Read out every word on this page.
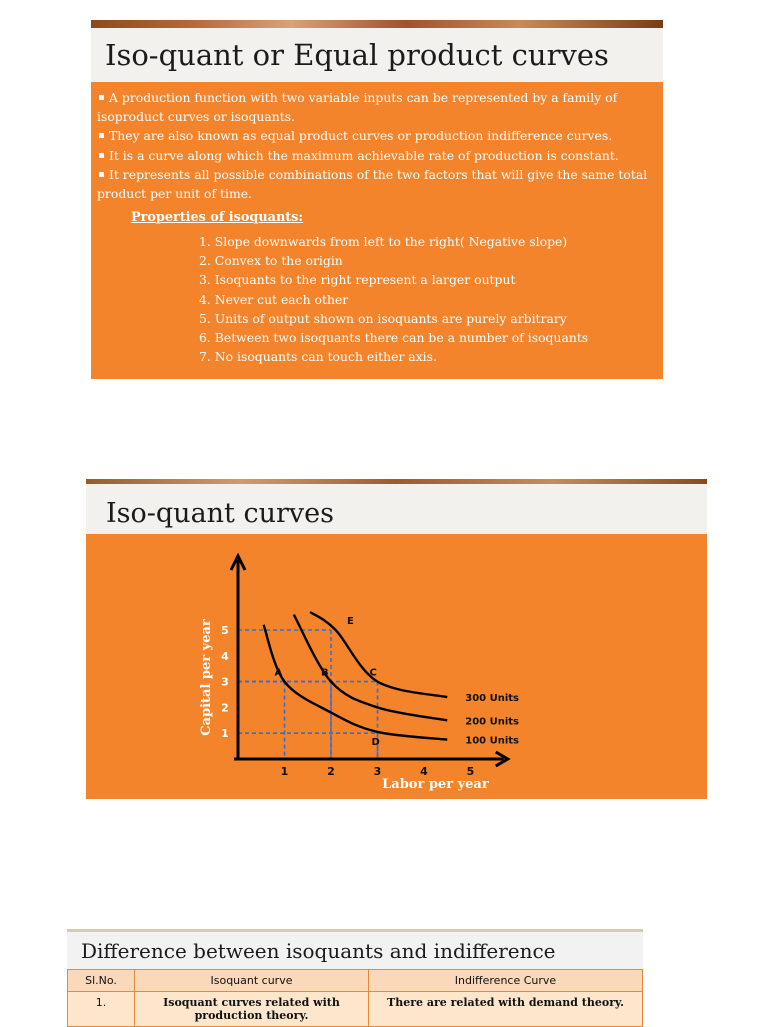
Iso-quant or Equal product curves

A production function with two variable inputs can be represented by a family of isoproduct curves or isoquants.

They are also known as equal product curves or production indifference curves.

It is a curve along which the maximum achievable rate of production is constant.

It represents all possible combinations of the two factors that will give the same total product per unit of time.

Properties of isoquants:
1. Slope downwards from left to the right( Negative slope)
2. Convex to the origin
3. Isoquants to the right represent a larger output
4. Never cut each other
5. Units of output shown on isoquants are purely arbitrary
6. Between two isoquants there can be a number of isoquants
7. No isoquants can touch either axis.
Iso-quant curves
100 Units
200 Units
300 Units
1	2	3	4	5
1
2
3
4
5
A	B	C
D
E
Labor per year
Capital per year
©TheVenezuelanEconomist.WordPress.com
Difference between isoquants and indifference
Sl.No.	Isoquant curve	Indifference Curve
1.	Isoquant curves related with production theory.	There are related with demand theory.
